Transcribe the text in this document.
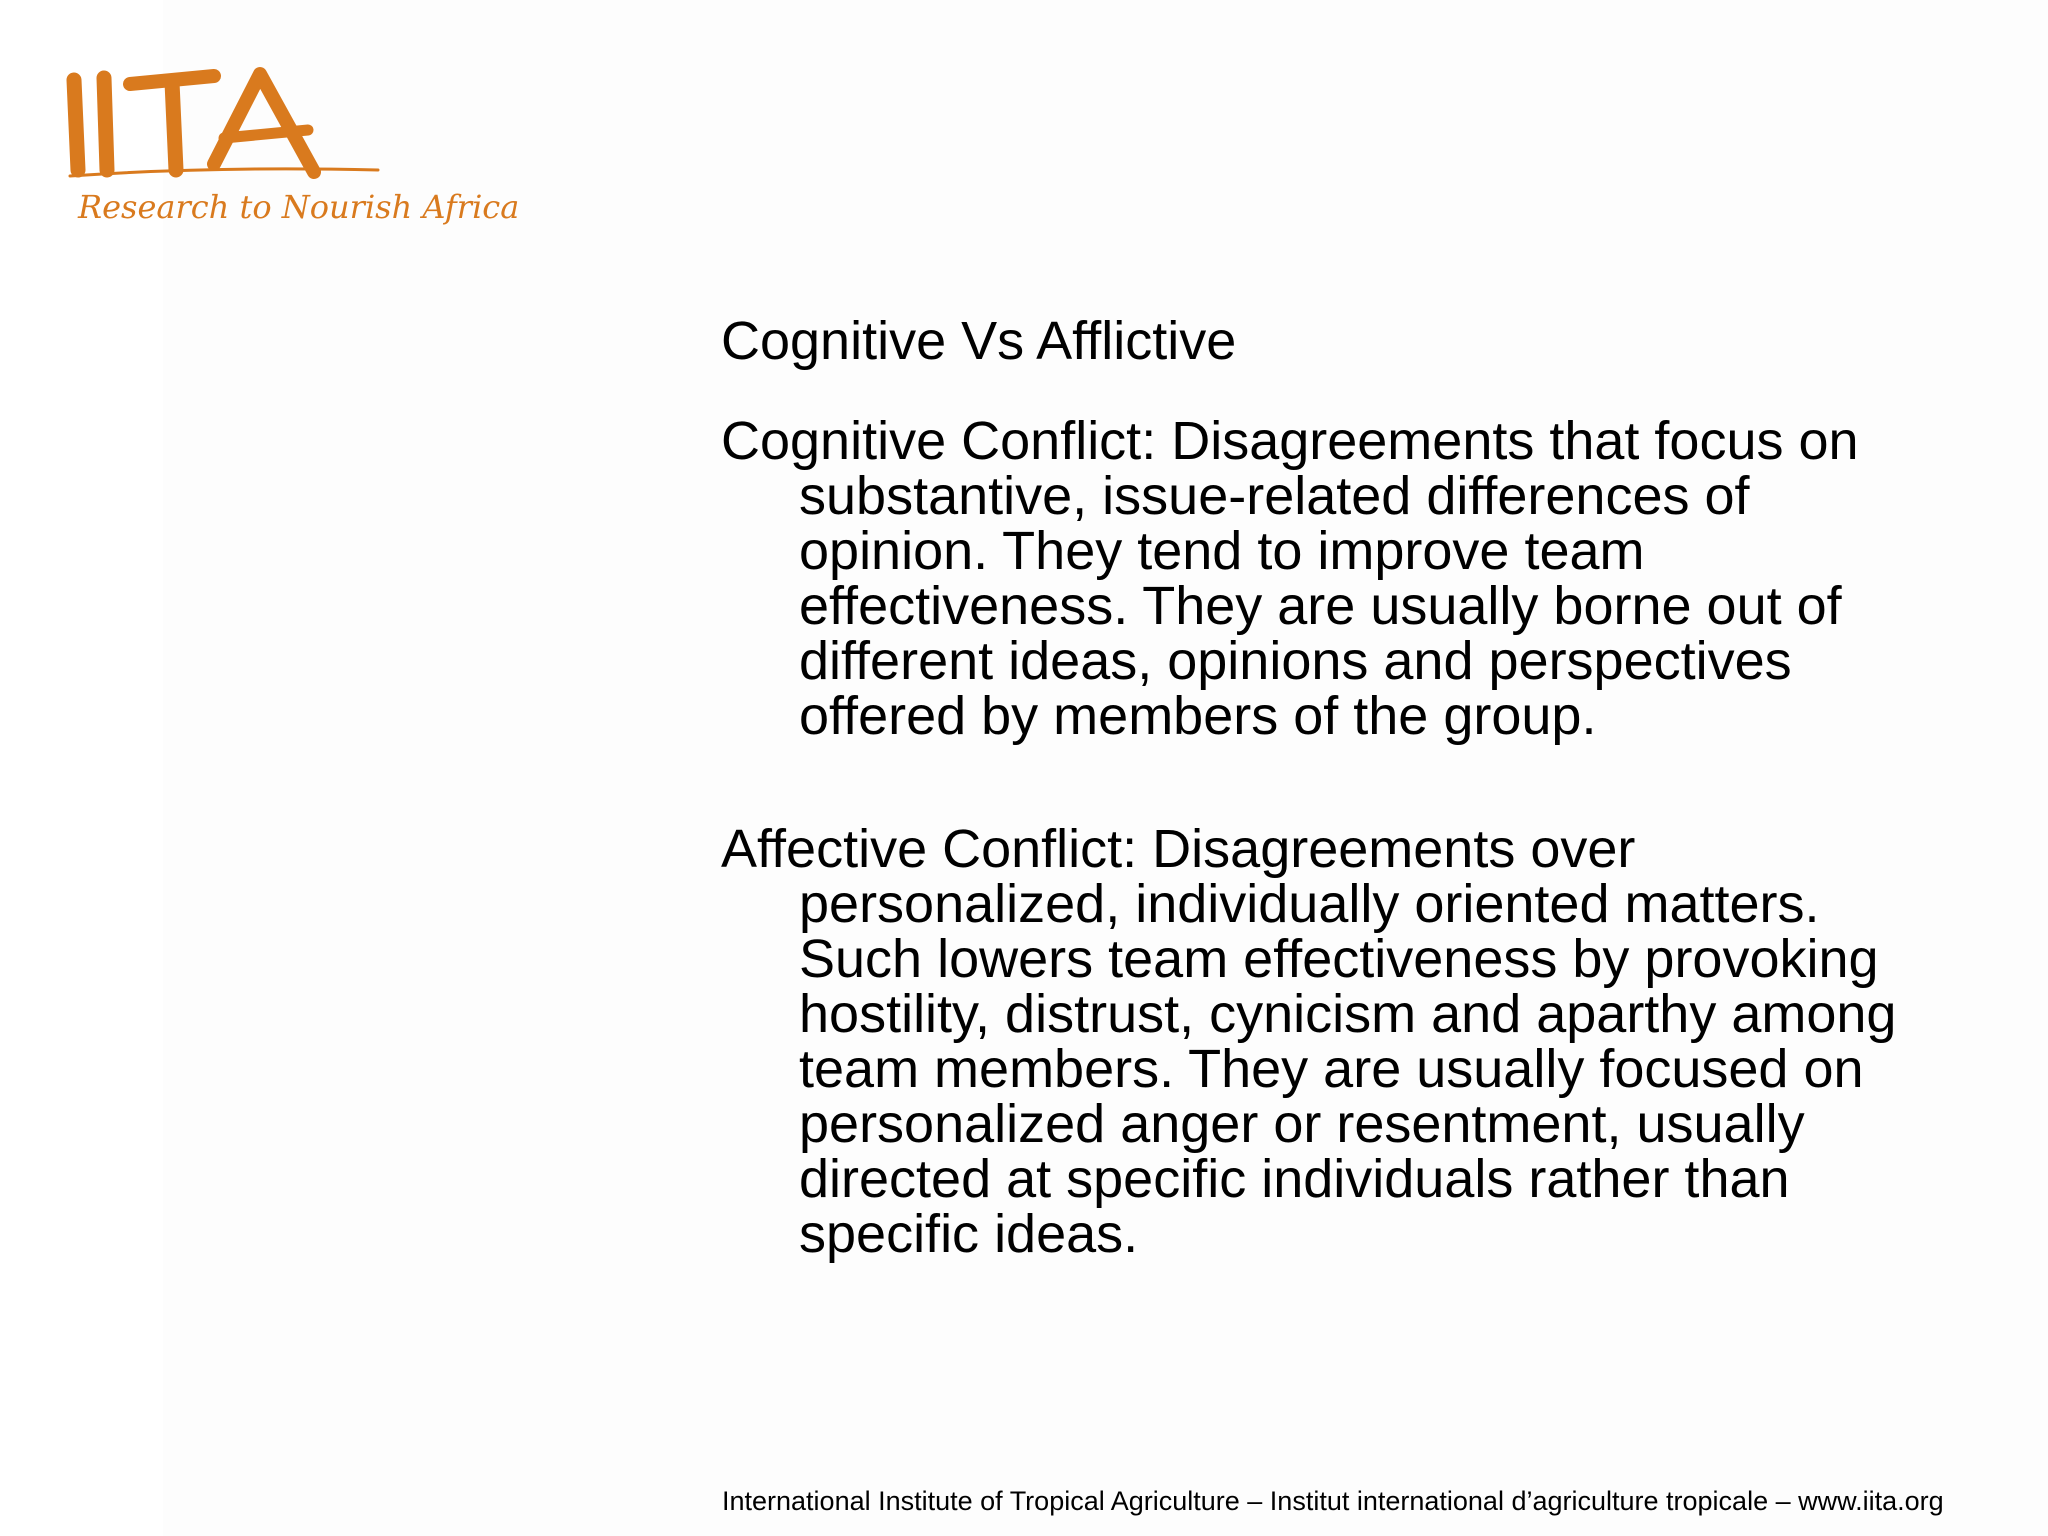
Research to Nourish Africa
Cognitive Vs Afflictive

Cognitive Conflict: Disagreements that focus on
substantive, issue-related differences of
opinion. They tend to improve team
effectiveness. They are usually borne out of
different ideas, opinions and perspectives
offered by members of the group.

Affective Conflict: Disagreements over
personalized, individually oriented matters.
Such lowers team effectiveness by provoking
hostility, distrust, cynicism and aparthy among
team members. They are usually focused on
personalized anger or resentment, usually
directed at specific individuals rather than
specific ideas.

International Institute of Tropical Agriculture – Institut international d’agriculture tropicale – www.iita.org
